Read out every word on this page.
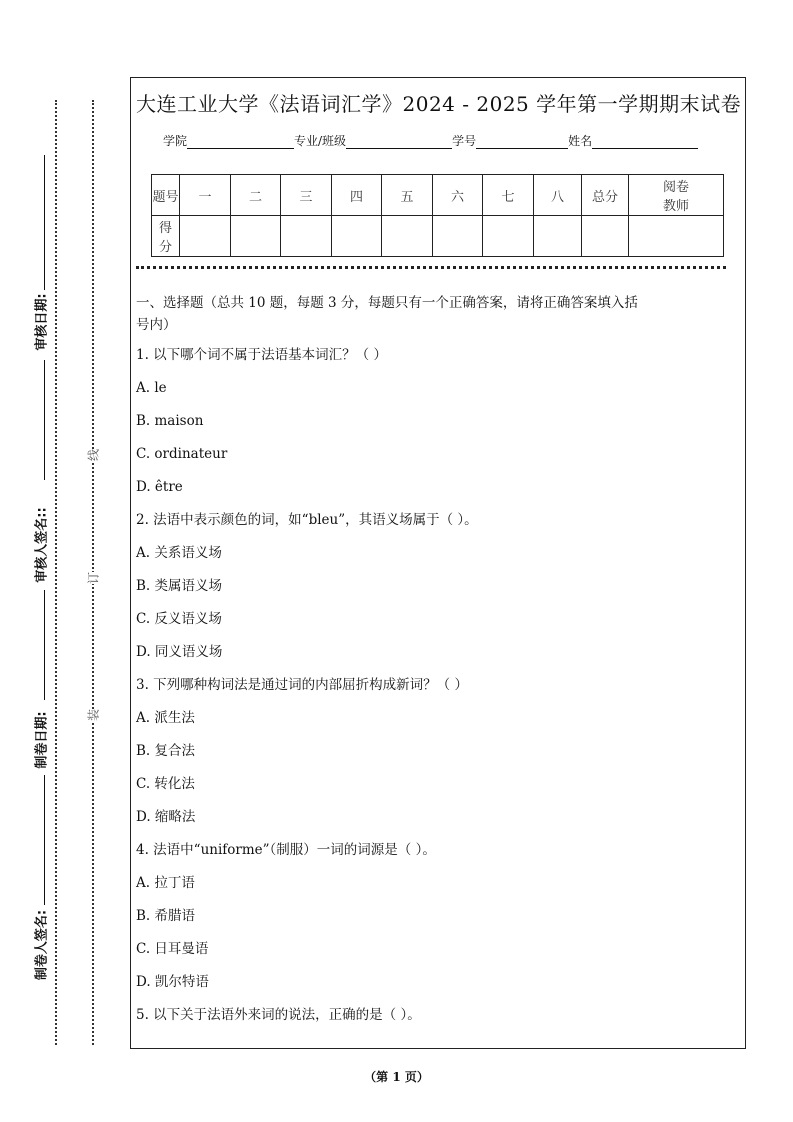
审核日期:
审核人签名::
制卷日期:
制卷人签名:
线
订
装
大连工业大学《法语词汇学》2024 - 2025 学年第一学期期末试卷
学院	专业/班级	学号	姓名
题号	一	二	三	四	五	六	七	八	总分	阅卷教师
得分										
一、选择题（总共 10 题，每题 3 分，每题只有一个正确答案，请将正确答案填入括
号内）
1. 以下哪个词不属于法语基本词汇？（ ）
A. le
B. maison
C. ordinateur
D. être
2. 法语中表示颜色的词，如“bleu”，其语义场属于（ ）。
A. 关系语义场
B. 类属语义场
C. 反义语义场
D. 同义语义场
3. 下列哪种构词法是通过词的内部屈折构成新词？（ ）
A. 派生法
B. 复合法
C. 转化法
D. 缩略法
4. 法语中“uniforme”（制服）一词的词源是（ ）。
A. 拉丁语
B. 希腊语
C. 日耳曼语
D. 凯尔特语
5. 以下关于法语外来词的说法，正确的是（ ）。
（第 1 页）
